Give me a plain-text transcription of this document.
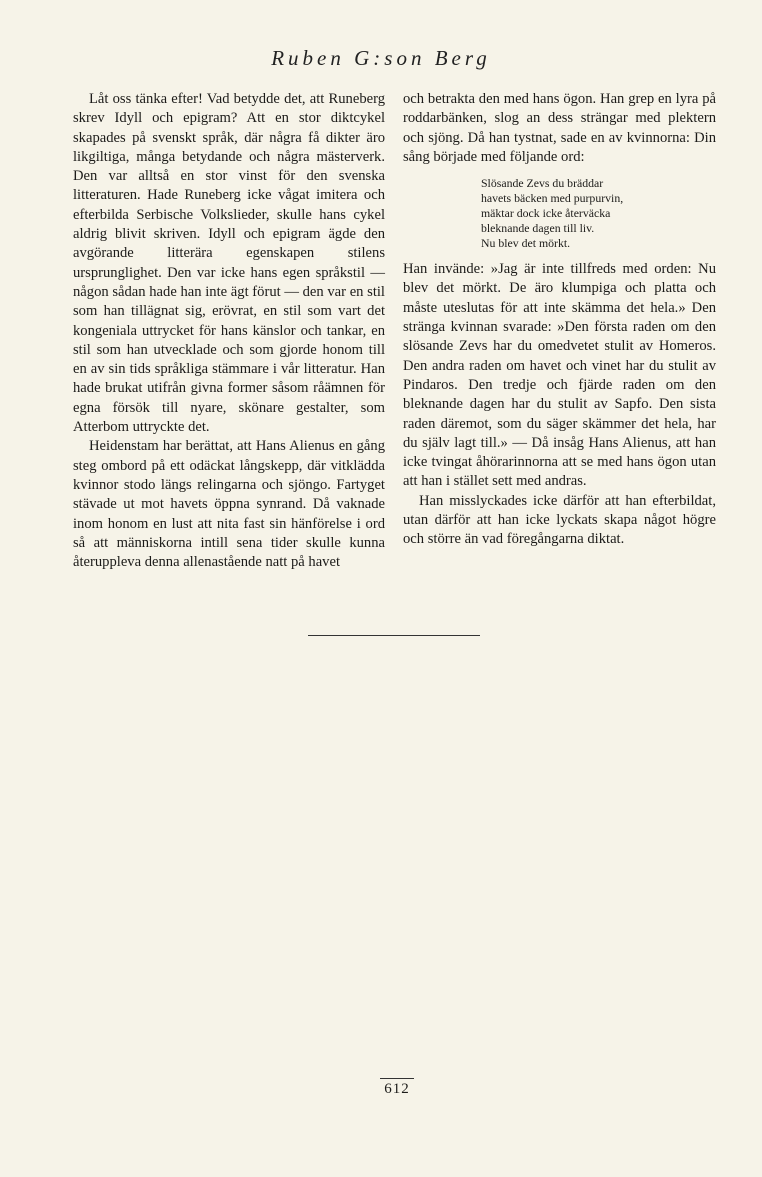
Ruben G:son Berg

Låt oss tänka efter! Vad betydde det, att Runeberg skrev Idyll och epigram? Att en stor diktcykel skapades på svenskt språk, där några få dikter äro likgiltiga, många betydande och några mästerverk. Den var alltså en stor vinst för den svenska litteraturen. Hade Runeberg icke vågat imitera och efterbilda Serbische Volkslieder, skulle hans cykel aldrig blivit skriven. Idyll och epigram ägde den avgörande litterära egenskapen stilens ursprunglighet. Den var icke hans egen språkstil — någon sådan hade han inte ägt förut — den var en stil som han tillägnat sig, erövrat, en stil som vart det kongeniala uttrycket för hans känslor och tankar, en stil som han utvecklade och som gjorde honom till en av sin tids språkliga stämmare i vår litteratur. Han hade brukat utifrån givna former såsom råämnen för egna försök till nyare, skönare gestalter, som Atterbom uttryckte det.

Heidenstam har berättat, att Hans Alienus en gång steg ombord på ett odäckat långskepp, där vitklädda kvinnor stodo längs relingarna och sjöngo. Fartyget stävade ut mot havets öppna synrand. Då vaknade inom honom en lust att nita fast sin hänförelse i ord så att människorna intill sena tider skulle kunna återuppleva denna allenastående natt på havet

och betrakta den med hans ögon. Han grep en lyra på roddarbänken, slog an dess strängar med plektern och sjöng. Då han tystnat, sade en av kvinnorna: Din sång började med följande ord:

Slösande Zevs du bräddar
havets bäcken med purpurvin,
mäktar dock icke återväcka
bleknande dagen till liv.
Nu blev det mörkt.

Han invände: »Jag är inte tillfreds med orden: Nu blev det mörkt. De äro klumpiga och platta och måste uteslutas för att inte skämma det hela.» Den stränga kvinnan svarade: »Den första raden om den slösande Zevs har du omedvetet stulit av Homeros. Den andra raden om havet och vinet har du stulit av Pindaros. Den tredje och fjärde raden om den bleknande dagen har du stulit av Sapfo. Den sista raden däremot, som du säger skämmer det hela, har du själv lagt till.» — Då insåg Hans Alienus, att han icke tvingat åhörarinnorna att se med hans ögon utan att han i stället sett med andras.

Han misslyckades icke därför att han efterbildat, utan därför att han icke lyckats skapa något högre och större än vad föregångarna diktat.

612
